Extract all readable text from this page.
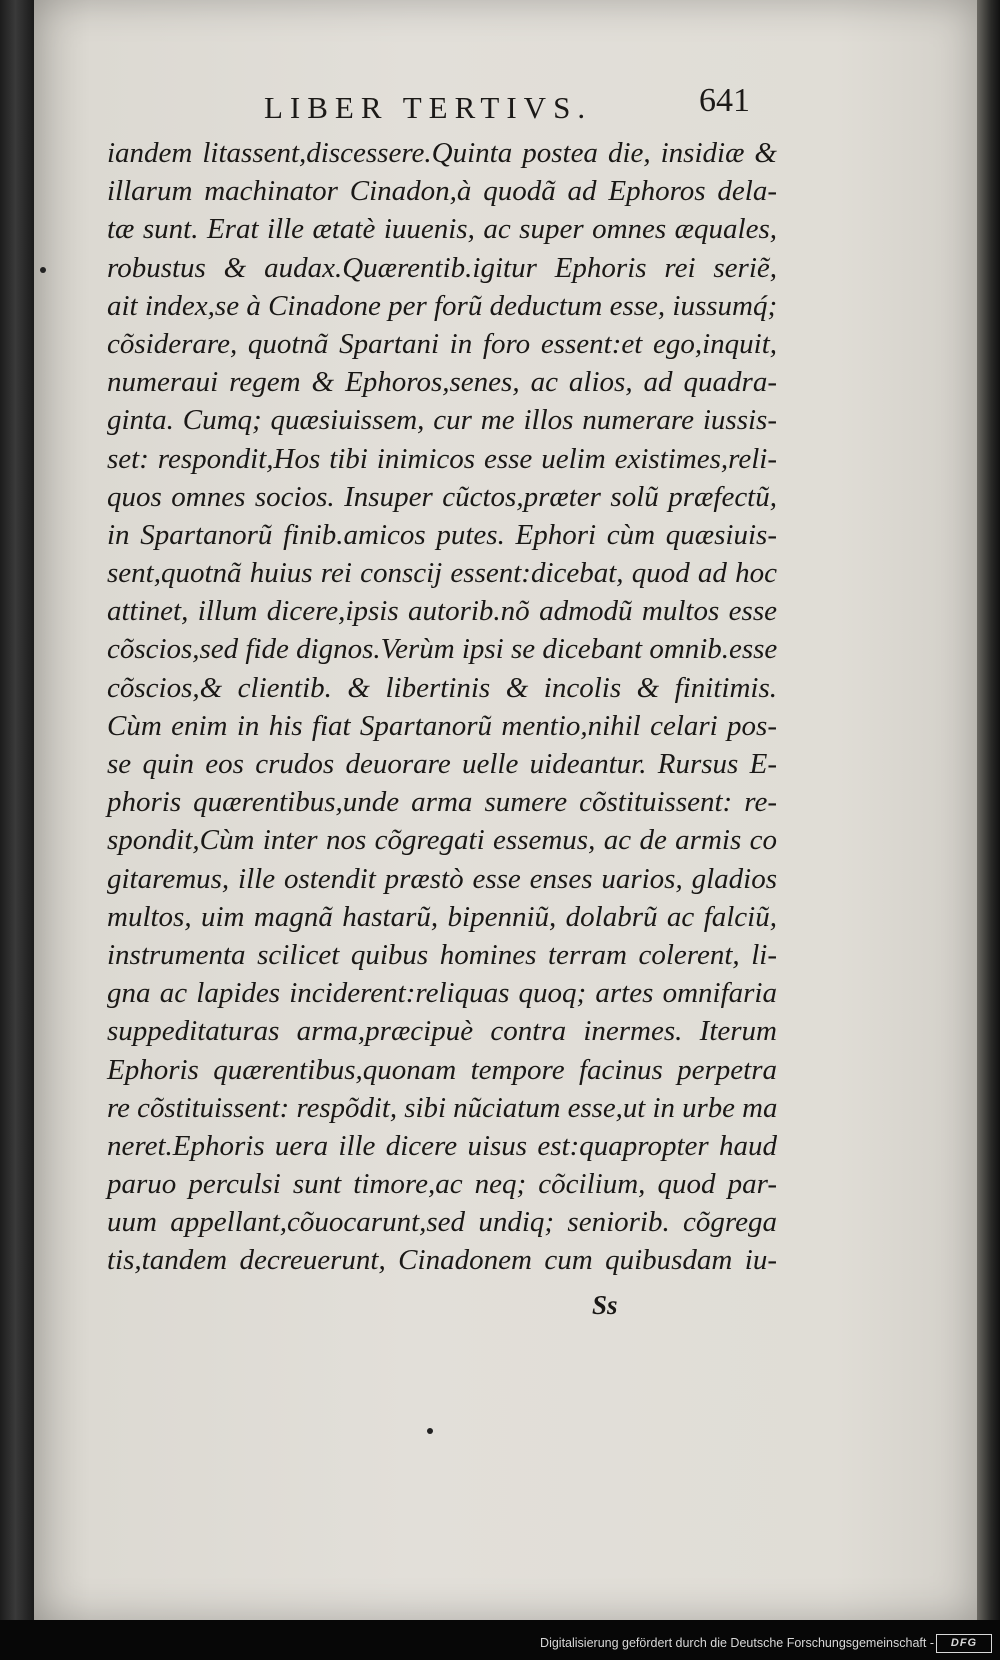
LIBER TERTIVS.	641
iandem litassent,discessere.Quinta postea die, insidiæ &
illarum machinator Cinadon,à quodã ad Ephoros dela-
tæ sunt. Erat ille ætatè iuuenis, ac super omnes æquales,
robustus & audax.Quærentib.igitur Ephoris rei seriẽ,
ait index,se à Cinadone per forũ deductum esse, iussumq́;
cõsiderare, quotnã Spartani in foro essent:et ego,inquit,
numeraui regem & Ephoros,senes, ac alios, ad quadra-
ginta. Cumq; quæsiuissem, cur me illos numerare iussis-
set: respondit,Hos tibi inimicos esse uelim existimes,reli-
quos omnes socios. Insuper cũctos,præter solũ præfectũ,
in Spartanorũ finib.amicos putes. Ephori cùm quæsiuis-
sent,quotnã huius rei conscij essent:dicebat, quod ad hoc
attinet, illum dicere,ipsis autorib.nõ admodũ multos esse
cõscios,sed fide dignos.Verùm ipsi se dicebant omnib.esse
cõscios,& clientib. & libertinis & incolis & finitimis.
Cùm enim in his fiat Spartanorũ mentio,nihil celari pos-
se quin eos crudos deuorare uelle uideantur. Rursus E-
phoris quærentibus,unde arma sumere cõstituissent: re-
spondit,Cùm inter nos cõgregati essemus, ac de armis co
gitaremus, ille ostendit præstò esse enses uarios, gladios
multos, uim magnã hastarũ, bipenniũ, dolabrũ ac falciũ,
instrumenta scilicet quibus homines terram colerent, li-
gna ac lapides inciderent:reliquas quoq; artes omnifaria
suppeditaturas arma,præcipuè contra inermes. Iterum
Ephoris quærentibus,quonam tempore facinus perpetra
re cõstituissent: respõdit, sibi nũciatum esse,ut in urbe ma
neret.Ephoris uera ille dicere uisus est:quapropter haud
paruo perculsi sunt timore,ac neq; cõcilium, quod par-
uum appellant,cõuocarunt,sed undiq; seniorib. cõgrega
tis,tandem decreuerunt, Cinadonem cum quibusdam iu-
Ss
Digitalisierung gefördert durch die Deutsche Forschungsgemeinschaft -	DFG
